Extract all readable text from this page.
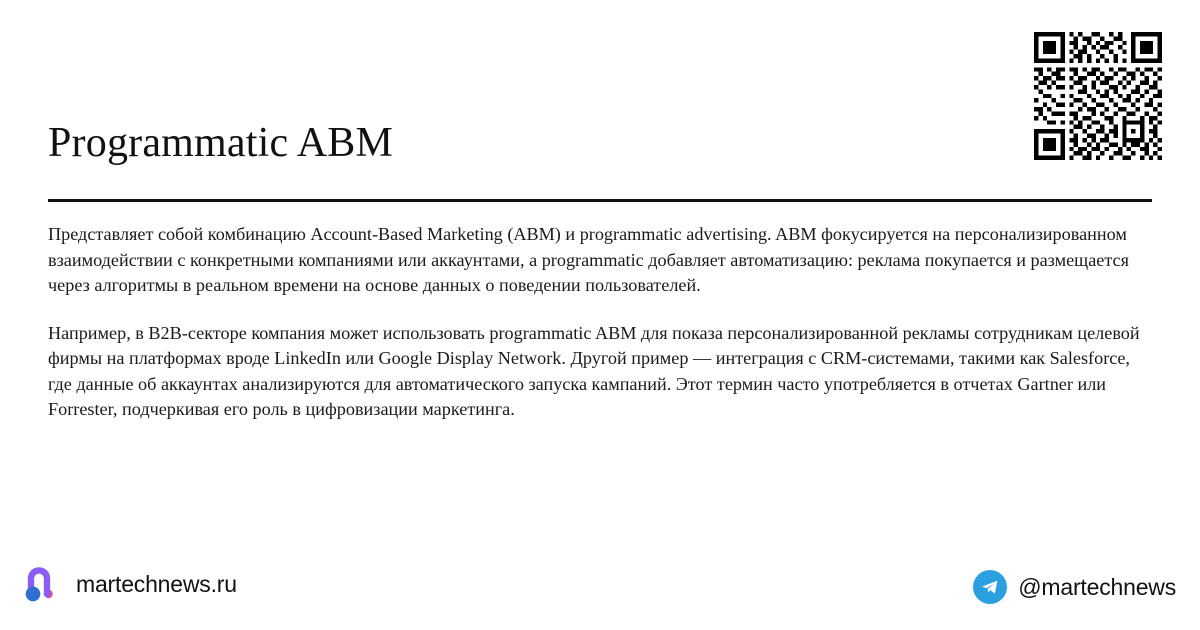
Programmatic ABM

Представляет собой комбинацию Account-Based Marketing (ABM) и programmatic advertising. ABM фокусируется на персонализированном взаимодействии с конкретными компаниями или аккаунтами, а programmatic добавляет автоматизацию: реклама покупается и размещается через алгоритмы в реальном времени на основе данных о поведении пользователей.

Например, в B2B-секторе компания может использовать programmatic ABM для показа персонализированной рекламы сотрудникам целевой фирмы на платформах вроде LinkedIn или Google Display Network. Другой пример — интеграция с CRM-системами, такими как Salesforce, где данные об аккаунтах анализируются для автоматического запуска кампаний. Этот термин часто употребляется в отчетах Gartner или Forrester, подчеркивая его роль в цифровизации маркетинга.

martechnews.ru	@martechnews
